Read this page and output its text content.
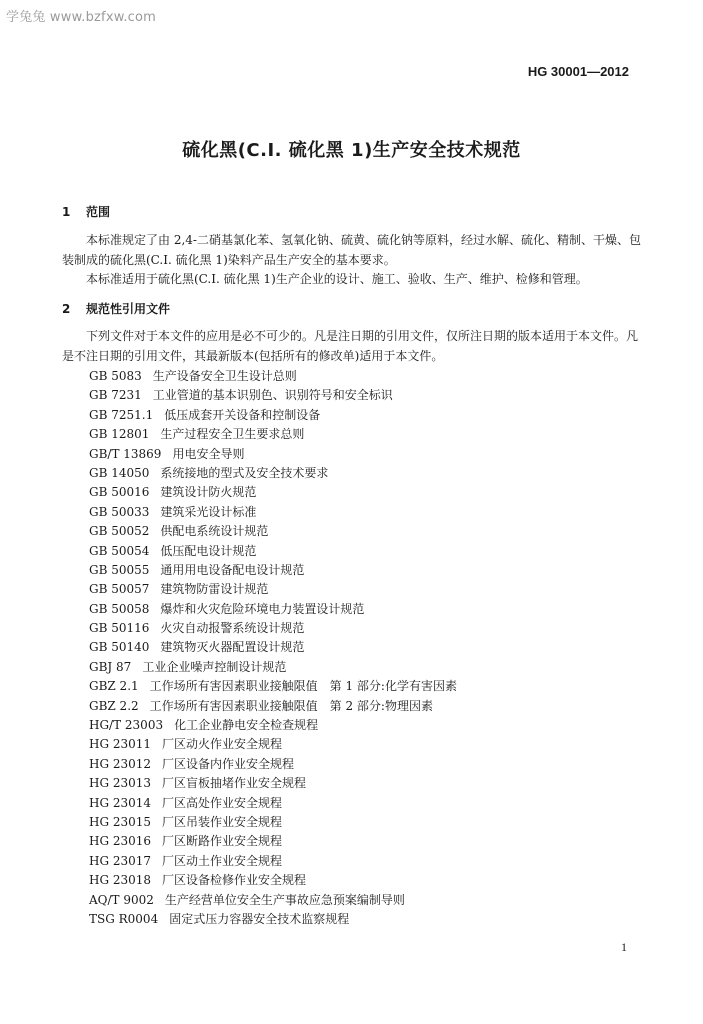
学兔兔 www.bzfxw.com
HG 30001—2012
硫化黑(C.I. 硫化黑 1)生产安全技术规范
1 范围
本标准规定了由 2,4-二硝基氯化苯、氢氧化钠、硫黄、硫化钠等原料，经过水解、硫化、精制、干燥、包装制成的硫化黑(C.I. 硫化黑 1)染料产品生产安全的基本要求。
本标准适用于硫化黑(C.I. 硫化黑 1)生产企业的设计、施工、验收、生产、维护、检修和管理。
2 规范性引用文件
下列文件对于本文件的应用是必不可少的。凡是注日期的引用文件，仅所注日期的版本适用于本文件。凡是不注日期的引用文件，其最新版本(包括所有的修改单)适用于本文件。
GB 5083 生产设备安全卫生设计总则
GB 7231 工业管道的基本识别色、识别符号和安全标识
GB 7251.1 低压成套开关设备和控制设备
GB 12801 生产过程安全卫生要求总则
GB/T 13869 用电安全导则
GB 14050 系统接地的型式及安全技术要求
GB 50016 建筑设计防火规范
GB 50033 建筑采光设计标准
GB 50052 供配电系统设计规范
GB 50054 低压配电设计规范
GB 50055 通用用电设备配电设计规范
GB 50057 建筑物防雷设计规范
GB 50058 爆炸和火灾危险环境电力装置设计规范
GB 50116 火灾自动报警系统设计规范
GB 50140 建筑物灭火器配置设计规范
GBJ 87 工业企业噪声控制设计规范
GBZ 2.1 工作场所有害因素职业接触限值　第 1 部分:化学有害因素
GBZ 2.2 工作场所有害因素职业接触限值　第 2 部分:物理因素
HG/T 23003 化工企业静电安全检查规程
HG 23011 厂区动火作业安全规程
HG 23012 厂区设备内作业安全规程
HG 23013 厂区盲板抽堵作业安全规程
HG 23014 厂区高处作业安全规程
HG 23015 厂区吊装作业安全规程
HG 23016 厂区断路作业安全规程
HG 23017 厂区动土作业安全规程
HG 23018 厂区设备检修作业安全规程
AQ/T 9002 生产经营单位安全生产事故应急预案编制导则
TSG R0004 固定式压力容器安全技术监察规程
1
